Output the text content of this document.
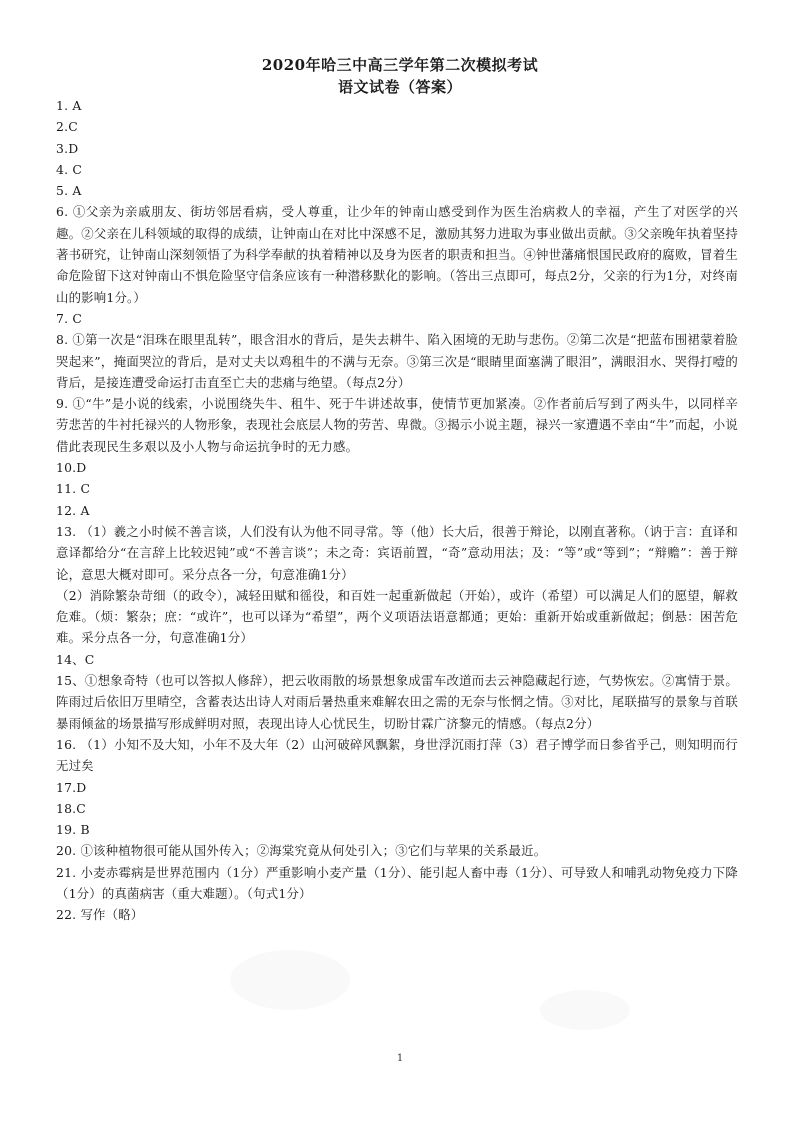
2020年哈三中高三学年第二次模拟考试
语文试卷（答案）

1. A

2.C

3.D

4. C

5. A

6. ①父亲为亲戚朋友、街坊邻居看病，受人尊重，让少年的钟南山感受到作为医生治病救人的幸福，产生了对医学的兴趣。②父亲在儿科领域的取得的成绩，让钟南山在对比中深感不足，激励其努力进取为事业做出贡献。③父亲晚年执着坚持著书研究，让钟南山深刻领悟了为科学奉献的执着精神以及身为医者的职责和担当。④钟世藩痛恨国民政府的腐败，冒着生命危险留下这对钟南山不惧危险坚守信条应该有一种潜移默化的影响。（答出三点即可，每点2分，父亲的行为1分，对终南山的影响1分。）

7. C

8. ①第一次是“泪珠在眼里乱转”，眼含泪水的背后，是失去耕牛、陷入困境的无助与悲伤。②第二次是“把蓝布围裙蒙着脸哭起来”，掩面哭泣的背后，是对丈夫以鸡租牛的不满与无奈。③第三次是“眼睛里面塞满了眼泪”，满眼泪水、哭得打噎的背后，是接连遭受命运打击直至亡夫的悲痛与绝望。（每点2分）

9. ①“牛”是小说的线索，小说围绕失牛、租牛、死于牛讲述故事，使情节更加紧凑。②作者前后写到了两头牛，以同样辛劳悲苦的牛衬托禄兴的人物形象，表现社会底层人物的劳苦、卑微。③揭示小说主题，禄兴一家遭遇不幸由“牛”而起，小说借此表现民生多艰以及小人物与命运抗争时的无力感。

10.D

11. C

12. A

13. （1）羲之小时候不善言谈，人们没有认为他不同寻常。等（他）长大后，很善于辩论，以刚直著称。（讷于言：直译和意译都给分“在言辞上比较迟钝”或“不善言谈”；未之奇：宾语前置，“奇”意动用法；及：“等”或“等到”；“辩赡”：善于辩论，意思大概对即可。采分点各一分，句意准确1分）

（2）消除繁杂苛细（的政令），减轻田赋和徭役，和百姓一起重新做起（开始），或许（希望）可以满足人们的愿望，解救危难。（烦：繁杂；庶：“或许”，也可以译为“希望”，两个义项语法语意都通；更始：重新开始或重新做起；倒悬：困苦危难。采分点各一分，句意准确1分）

14、C

15、①想象奇特（也可以答拟人修辞），把云收雨散的场景想象成雷车改道而去云神隐藏起行迹，气势恢宏。②寓情于景。阵雨过后依旧万里晴空，含蓄表达出诗人对雨后暑热重来难解农田之需的无奈与怅惘之情。③对比，尾联描写的景象与首联暴雨倾盆的场景描写形成鲜明对照，表现出诗人心忧民生，切盼甘霖广济黎元的情感。（每点2分）

16. （1）小知不及大知，小年不及大年（2）山河破碎风飘絮，身世浮沉雨打萍（3）君子博学而日参省乎己，则知明而行无过矣

17.D

18.C

19. B

20. ①该种植物很可能从国外传入；②海棠究竟从何处引入；③它们与苹果的关系最近。

21. 小麦赤霉病是世界范围内（1分）严重影响小麦产量（1分）、能引起人畜中毒（1分）、可导致人和哺乳动物免疫力下降（1分）的真菌病害（重大难题）。（句式1分）

22. 写作（略）

1
